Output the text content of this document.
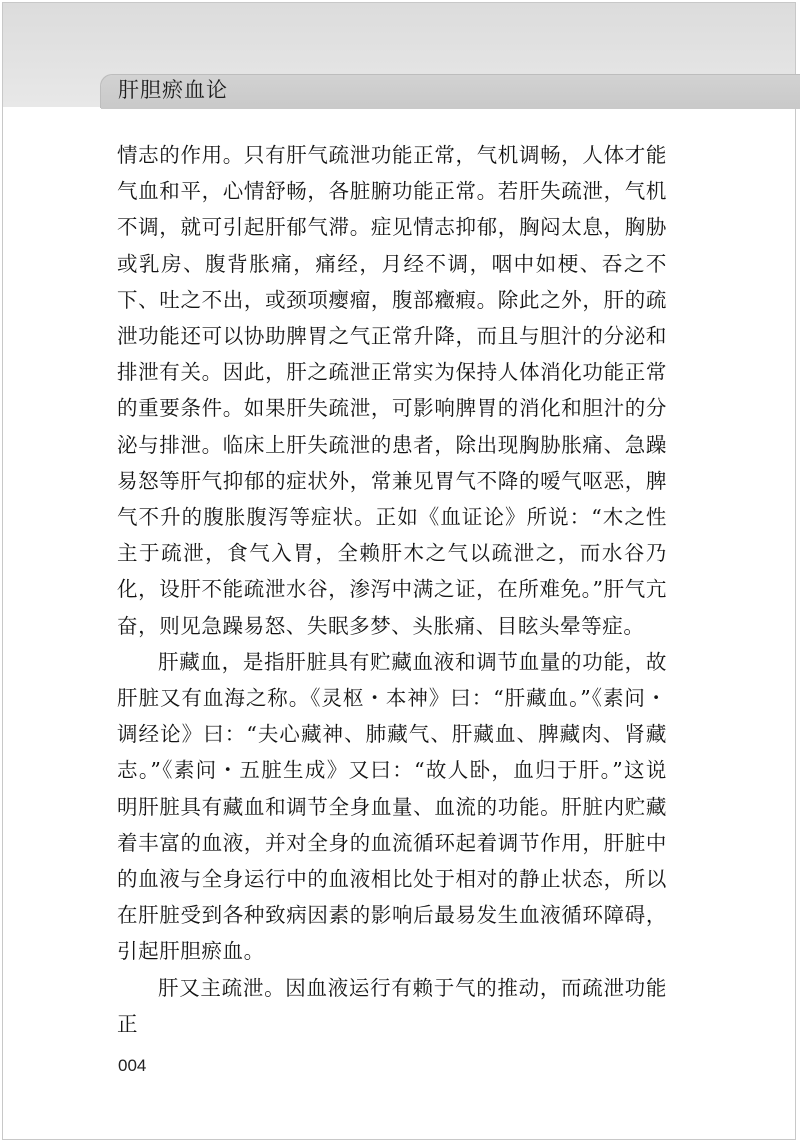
肝胆瘀血论

情志的作用。只有肝气疏泄功能正常，气机调畅，人体才能气血和平，心情舒畅，各脏腑功能正常。若肝失疏泄，气机不调，就可引起肝郁气滞。症见情志抑郁，胸闷太息，胸胁或乳房、腹背胀痛，痛经，月经不调，咽中如梗、吞之不下、吐之不出，或颈项瘿瘤，腹部癥瘕。除此之外，肝的疏泄功能还可以协助脾胃之气正常升降，而且与胆汁的分泌和排泄有关。因此，肝之疏泄正常实为保持人体消化功能正常的重要条件。如果肝失疏泄，可影响脾胃的消化和胆汁的分泌与排泄。临床上肝失疏泄的患者，除出现胸胁胀痛、急躁易怒等肝气抑郁的症状外，常兼见胃气不降的嗳气呕恶，脾气不升的腹胀腹泻等症状。正如《血证论》所说：“木之性主于疏泄，食气入胃，全赖肝木之气以疏泄之，而水谷乃化，设肝不能疏泄水谷，渗泻中满之证，在所难免。”肝气亢奋，则见急躁易怒、失眠多梦、头胀痛、目眩头晕等症。

肝藏血，是指肝脏具有贮藏血液和调节血量的功能，故肝脏又有血海之称。《灵枢・本神》曰：“肝藏血。”《素问・调经论》曰：“夫心藏神、肺藏气、肝藏血、脾藏肉、肾藏志。”《素问・五脏生成》又曰：“故人卧，血归于肝。”这说明肝脏具有藏血和调节全身血量、血流的功能。肝脏内贮藏着丰富的血液，并对全身的血流循环起着调节作用，肝脏中的血液与全身运行中的血液相比处于相对的静止状态，所以在肝脏受到各种致病因素的影响后最易发生血液循环障碍，引起肝胆瘀血。

肝又主疏泄。因血液运行有赖于气的推动，而疏泄功能正

004
